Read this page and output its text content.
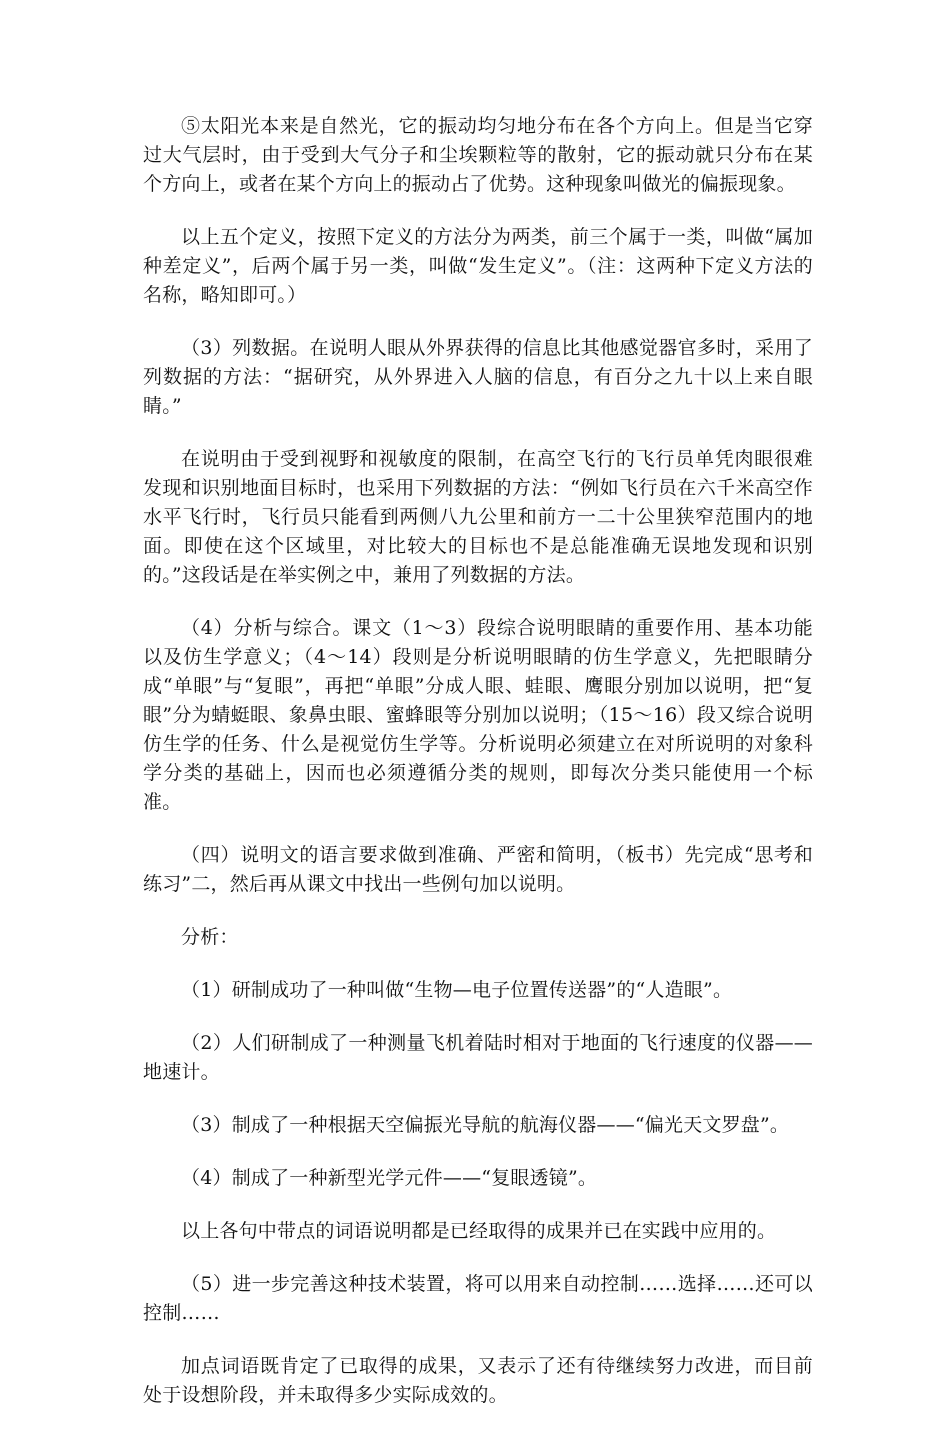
⑤太阳光本来是自然光，它的振动均匀地分布在各个方向上。但是当它穿过大气层时，由于受到大气分子和尘埃颗粒等的散射，它的振动就只分布在某个方向上，或者在某个方向上的振动占了优势。这种现象叫做光的偏振现象。

以上五个定义，按照下定义的方法分为两类，前三个属于一类，叫做“属加种差定义”，后两个属于另一类，叫做“发生定义”。（注：这两种下定义方法的名称，略知即可。）

（3）列数据。在说明人眼从外界获得的信息比其他感觉器官多时，采用了列数据的方法：“据研究，从外界进入人脑的信息，有百分之九十以上来自眼睛。”

在说明由于受到视野和视敏度的限制，在高空飞行的飞行员单凭肉眼很难发现和识别地面目标时，也采用下列数据的方法：“例如飞行员在六千米高空作水平飞行时，飞行员只能看到两侧八九公里和前方一二十公里狭窄范围内的地面。即使在这个区域里，对比较大的目标也不是总能准确无误地发现和识别的。”这段话是在举实例之中，兼用了列数据的方法。

（4）分析与综合。课文（1～3）段综合说明眼睛的重要作用、基本功能以及仿生学意义；（4～14）段则是分析说明眼睛的仿生学意义，先把眼睛分成“单眼”与“复眼”，再把“单眼”分成人眼、蛙眼、鹰眼分别加以说明，把“复眼”分为蜻蜓眼、象鼻虫眼、蜜蜂眼等分别加以说明；（15～16）段又综合说明仿生学的任务、什么是视觉仿生学等。分析说明必须建立在对所说明的对象科学分类的基础上，因而也必须遵循分类的规则，即每次分类只能使用一个标准。

（四）说明文的语言要求做到准确、严密和简明，（板书）先完成“思考和练习”二，然后再从课文中找出一些例句加以说明。

分析：

（1）研制成功了一种叫做“生物—电子位置传送器”的“人造眼”。

（2）人们研制成了一种测量飞机着陆时相对于地面的飞行速度的仪器——地速计。

（3）制成了一种根据天空偏振光导航的航海仪器——“偏光天文罗盘”。

（4）制成了一种新型光学元件——“复眼透镜”。

以上各句中带点的词语说明都是已经取得的成果并已在实践中应用的。

（5）进一步完善这种技术装置，将可以用来自动控制……选择……还可以控制……

加点词语既肯定了已取得的成果，又表示了还有待继续努力改进，而目前处于设想阶段，并未取得多少实际成效的。
